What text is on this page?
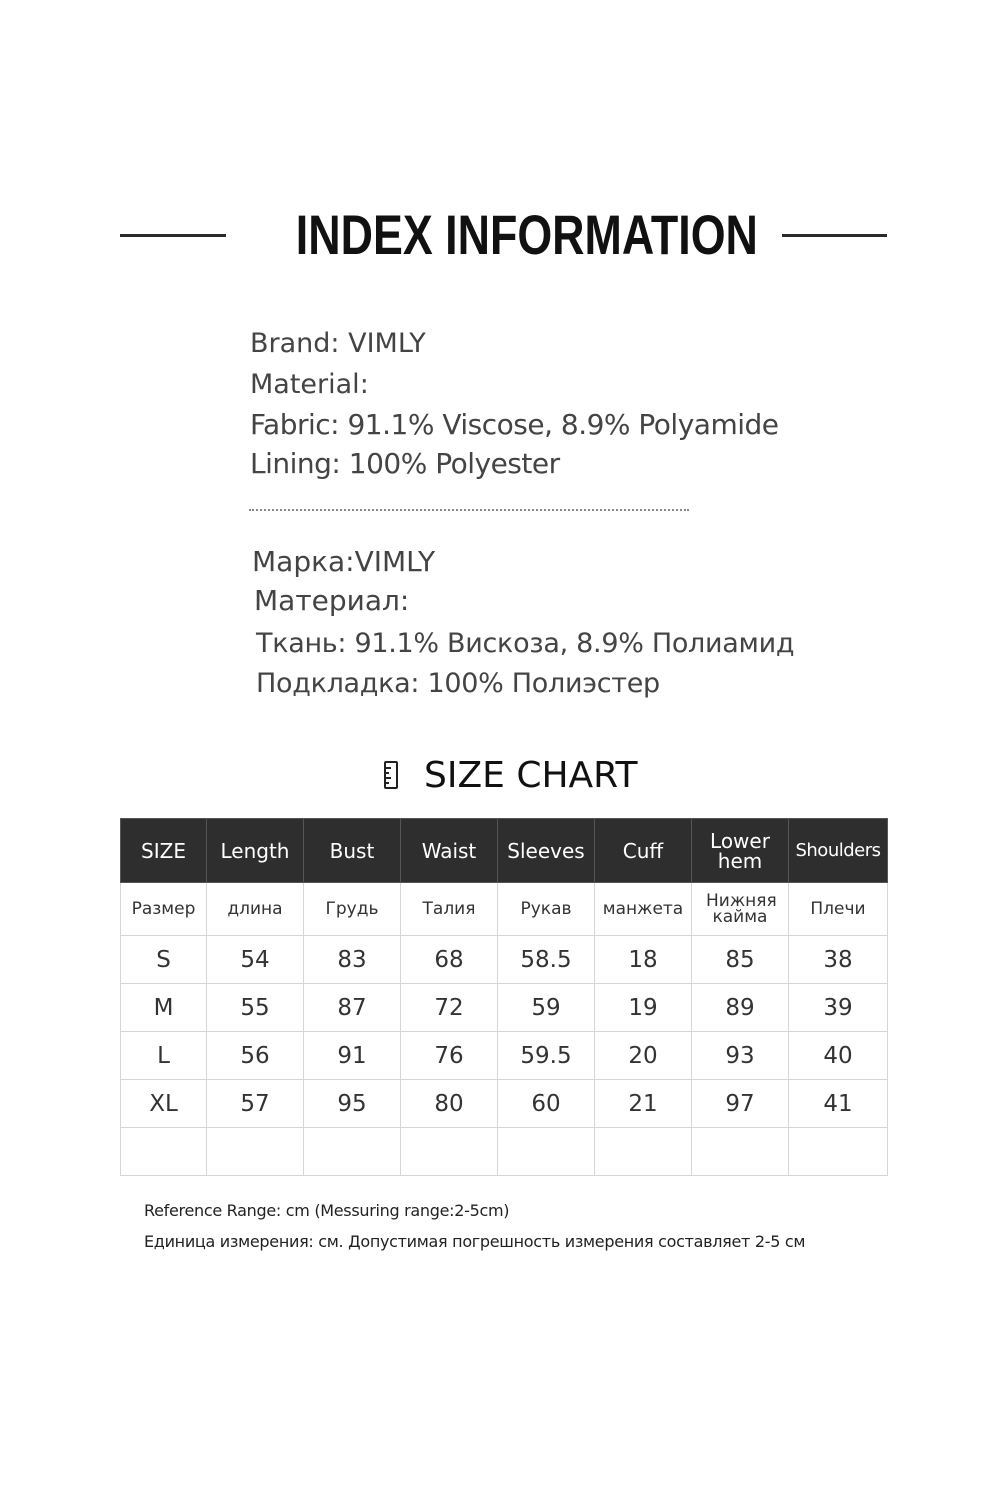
INDEX INFORMATION
Brand: VIMLY
Material:
Fabric: 91.1% Viscose, 8.9% Polyamide
Lining: 100% Polyester
Марка:VIMLY
Материал:
Ткань: 91.1% Вискоза, 8.9% Полиамид
Подкладка: 100% Полиэстер
SIZE CHART
SIZE	Length	Bust	Waist	Sleeves	Cuff	Lower hem	Shoulders
Размер	длина	Грудь	Талия	Рукав	манжета	Нижняя кайма	Плечи
S	54	83	68	58.5	18	85	38
M	55	87	72	59	19	89	39
L	56	91	76	59.5	20	93	40
XL	57	95	80	60	21	97	41

Reference Range: cm (Messuring range:2-5cm)
Единица измерения: см. Допустимая погрешность измерения составляет 2-5 см
